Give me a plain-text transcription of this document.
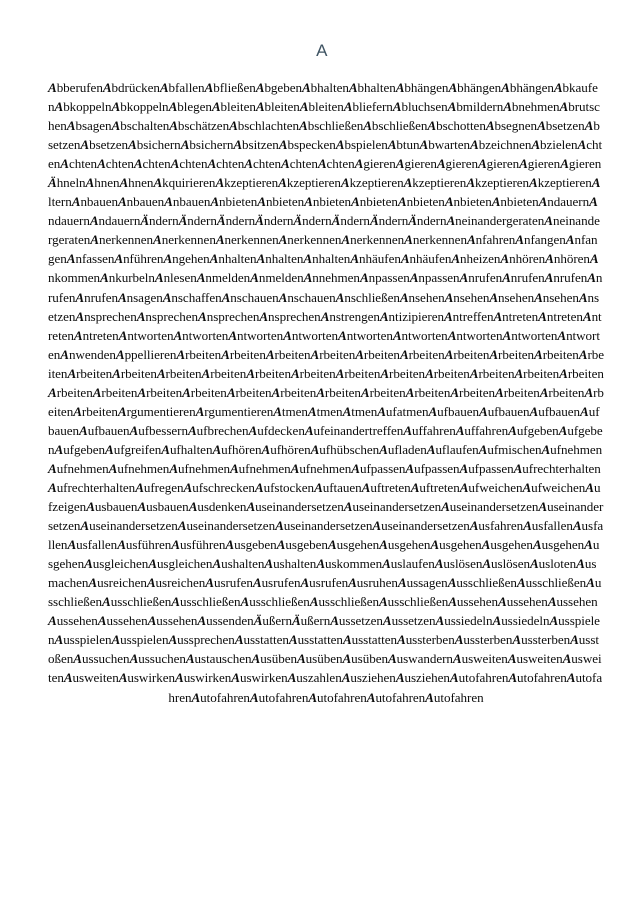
A
AbberufenAbdrückenAbfallenAbfließenAbgebenAbhaltenAbhaltenAbhängenAbhängenAbhängenAbkaufenAbkoppelnAbkoppelnAblegenAbleitenAbleitenAbleitenAbliefernAbluchsenAbmildernAbnehmenAbrutschenAbsagenAbschaltenAbschätzenAbschlachtenAbschließenAbschließenAbschottenAbsegnenAbsetzenAbsetzenAbsetzenAbsichernAbsichernAbsitzenAbspeckenAbspielenAbtunAbwartenAbzeichnenAbzielenAchtenAchtenAchtenAchtenAchtenAchtenAchtenAchtenAchtenAgierenAgierenAgierenAgierenAgierenAgierenÄhnelnAhnenAhnenAkquirierenAkzeptierenAkzeptierenAkzeptierenAkzeptierenAkzeptierenAkzeptierenAlternAnbauenAnbauenAnbauenAnbietenAnbietenAnbietenAnbietenAnbietenAnbietenAnbietenAndauernAndauernAndauernÄndernÄndernÄndernÄndernÄndernÄndernÄndernÄndernAneinandergeratenAneinandergeratenAnerkennenAnerkennenAnerkennenAnerkennenAnerkennenAnerkennenAnfahrenAnfangenAnfangenAnfassenAnführenAngehenAnhaltenAnhaltenAnhaltenAnhäufenAnhäufenAnheizenAnhörenAnhörenAnkommenAnkurbelnAnlesenAnmeldenAnmeldenAnnehmenAnpassenAnpassenAnrufenAnrufenAnrufenAnrufenAnrufenAnsagenAnschaffenAnschauenAnschauenAnschließenAnsehenAnsehenAnsehenAnsehenAnsetzenAnsprechenAnsprechenAnsprechenAnsprechenAnstrengenAntizipierenAntreffenAntretenAntretenAntretenAntretenAntwortenAntwortenAntwortenAntwortenAntwortenAntwortenAntwortenAntwortenAntwortenAnwendenAppellierenArbeitenArbeitenArbeitenArbeitenArbeitenArbeitenArbeitenArbeitenArbeitenArbeitenArbeitenArbeitenArbeitenArbeitenArbeitenArbeitenArbeitenArbeitenArbeitenArbeitenArbeitenArbeitenArbeitenArbeitenArbeitenArbeitenArbeitenArbeitenArbeitenArbeitenArbeitenArbeitenArbeitenArbeitenArbeitenArbeitenArgumentierenArgumentierenAtmenAtmenAtmenAufatmenAufbauenAufbauenAufbauenAufbauenAufbauenAufbessernAufbrechenAufdeckenAufeinandertreffenAuffahrenAuffahrenAufgebenAufgebenAufgebenAufgreifenAufhaltenAufhörenAufhörenAufhübschenAufladenAuflaufenAufmischenAufnehmenAufnehmenAufnehmenAufnehmenAufnehmenAufnehmenAufpassenAufpassenAufpassenAufrechterhaltenAufrechterhaltenAufregenAufschreckenAufstockenAuftauenAuftretenAuftretenAufweichenAufweichenAufzeigenAusbauenAusbauenAusdenkenAuseinandersetzenAuseinandersetzenAuseinandersetzenAuseinandersetzenAuseinandersetzenAuseinandersetzenAuseinandersetzenAuseinandersetzenAusfahrenAusfallenAusfallenAusfallenAusführenAusführenAusgebenAusgebenAusgehenAusgehenAusgehenAusgehenAusgehenAusgehenAusgleichenAusgleichenAushaltenAushaltenAuskommenAuslaufenAuslösenAuslösenAuslotenAusmachenAusreichenAusreichenAusrufenAusrufenAusrufenAusruhenAussagenAusschließenAusschließenAusschließenAusschließenAusschließenAusschließenAusschließenAusschließenAussehenAussehenAussehenAussehenAussehenAussehenAussendenÄußernÄußernAussetzenAussetzenAussiedelnAussiedelnAusspielenAusspielenAusspielenAussprechenAusstattenAusstattenAusstattenAussterbenAussterbenAussterbenAusstoßenAussuchenAussuchenAustauschenAusübenAusübenAusübenAuswandernAusweitenAusweitenAusweitenAusweitenAuswirkenAuswirkenAuswirkenAuszahlenAusziehenAusziehenAutofahrenAutofahrenAutofahrenAutofahrenAutofahrenAutofahrenAutofahrenAutofahren
